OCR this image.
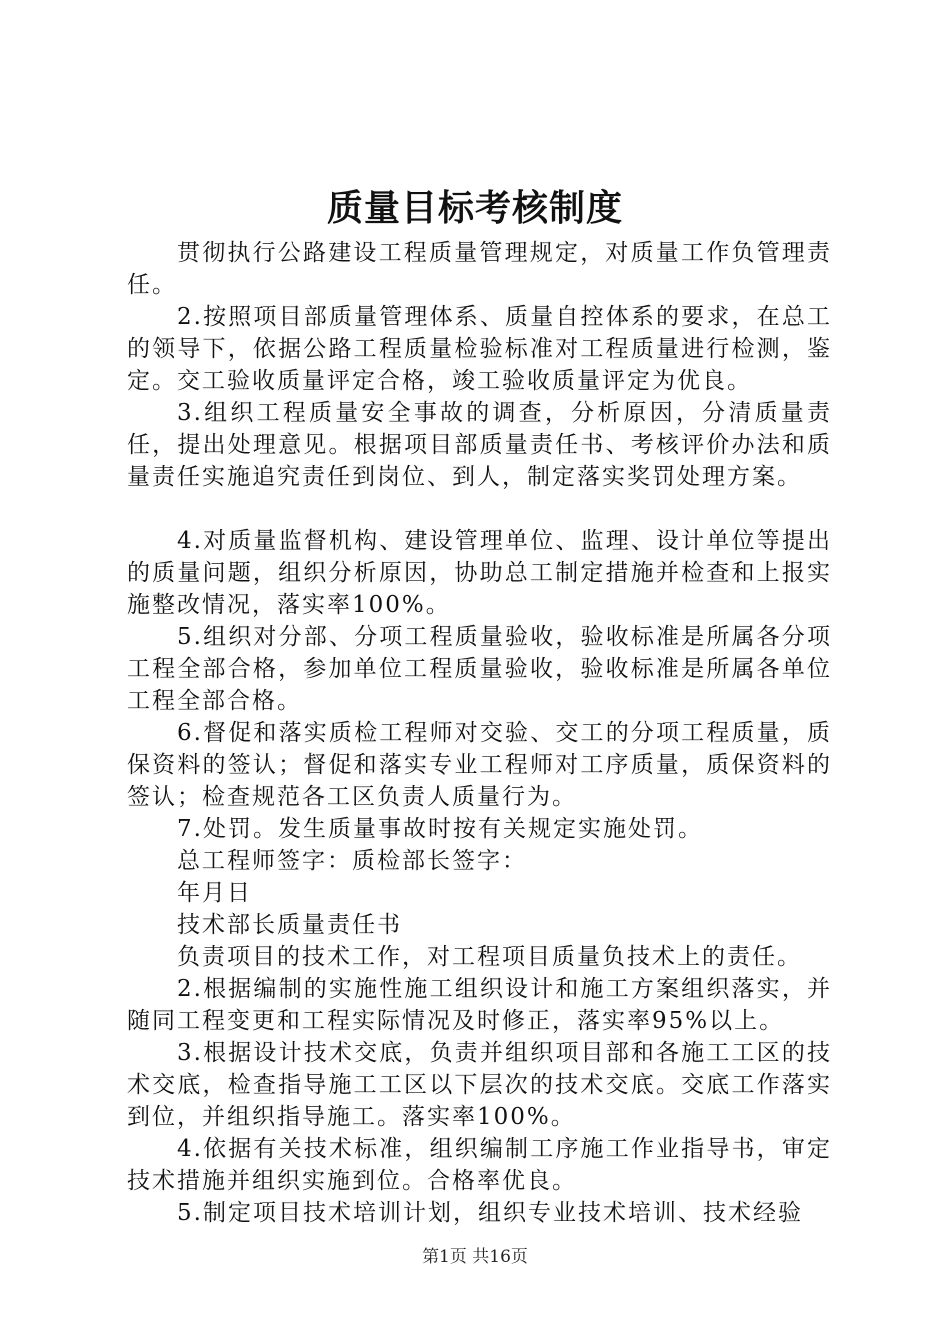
质量目标考核制度

贯彻执行公路建设工程质量管理规定，对质量工作负管理责任。

2.按照项目部质量管理体系、质量自控体系的要求，在总工的领导下，依据公路工程质量检验标准对工程质量进行检测，鉴定。交工验收质量评定合格，竣工验收质量评定为优良。

3.组织工程质量安全事故的调查，分析原因，分清质量责任，提出处理意见。根据项目部质量责任书、考核评价办法和质量责任实施追究责任到岗位、到人，制定落实奖罚处理方案。

4.对质量监督机构、建设管理单位、监理、设计单位等提出的质量问题，组织分析原因，协助总工制定措施并检查和上报实施整改情况，落实率100%。

5.组织对分部、分项工程质量验收，验收标准是所属各分项工程全部合格，参加单位工程质量验收，验收标准是所属各单位工程全部合格。

6.督促和落实质检工程师对交验、交工的分项工程质量，质保资料的签认；督促和落实专业工程师对工序质量，质保资料的签认；检查规范各工区负责人质量行为。

7.处罚。发生质量事故时按有关规定实施处罚。

总工程师签字：质检部长签字：

年月日

技术部长质量责任书

负责项目的技术工作，对工程项目质量负技术上的责任。

2.根据编制的实施性施工组织设计和施工方案组织落实，并随同工程变更和工程实际情况及时修正，落实率95%以上。

3.根据设计技术交底，负责并组织项目部和各施工工区的技术交底，检查指导施工工区以下层次的技术交底。交底工作落实到位，并组织指导施工。落实率100%。

4.依据有关技术标准，组织编制工序施工作业指导书，审定技术措施并组织实施到位。合格率优良。

5.制定项目技术培训计划，组织专业技术培训、技术经验

第1页 共16页
